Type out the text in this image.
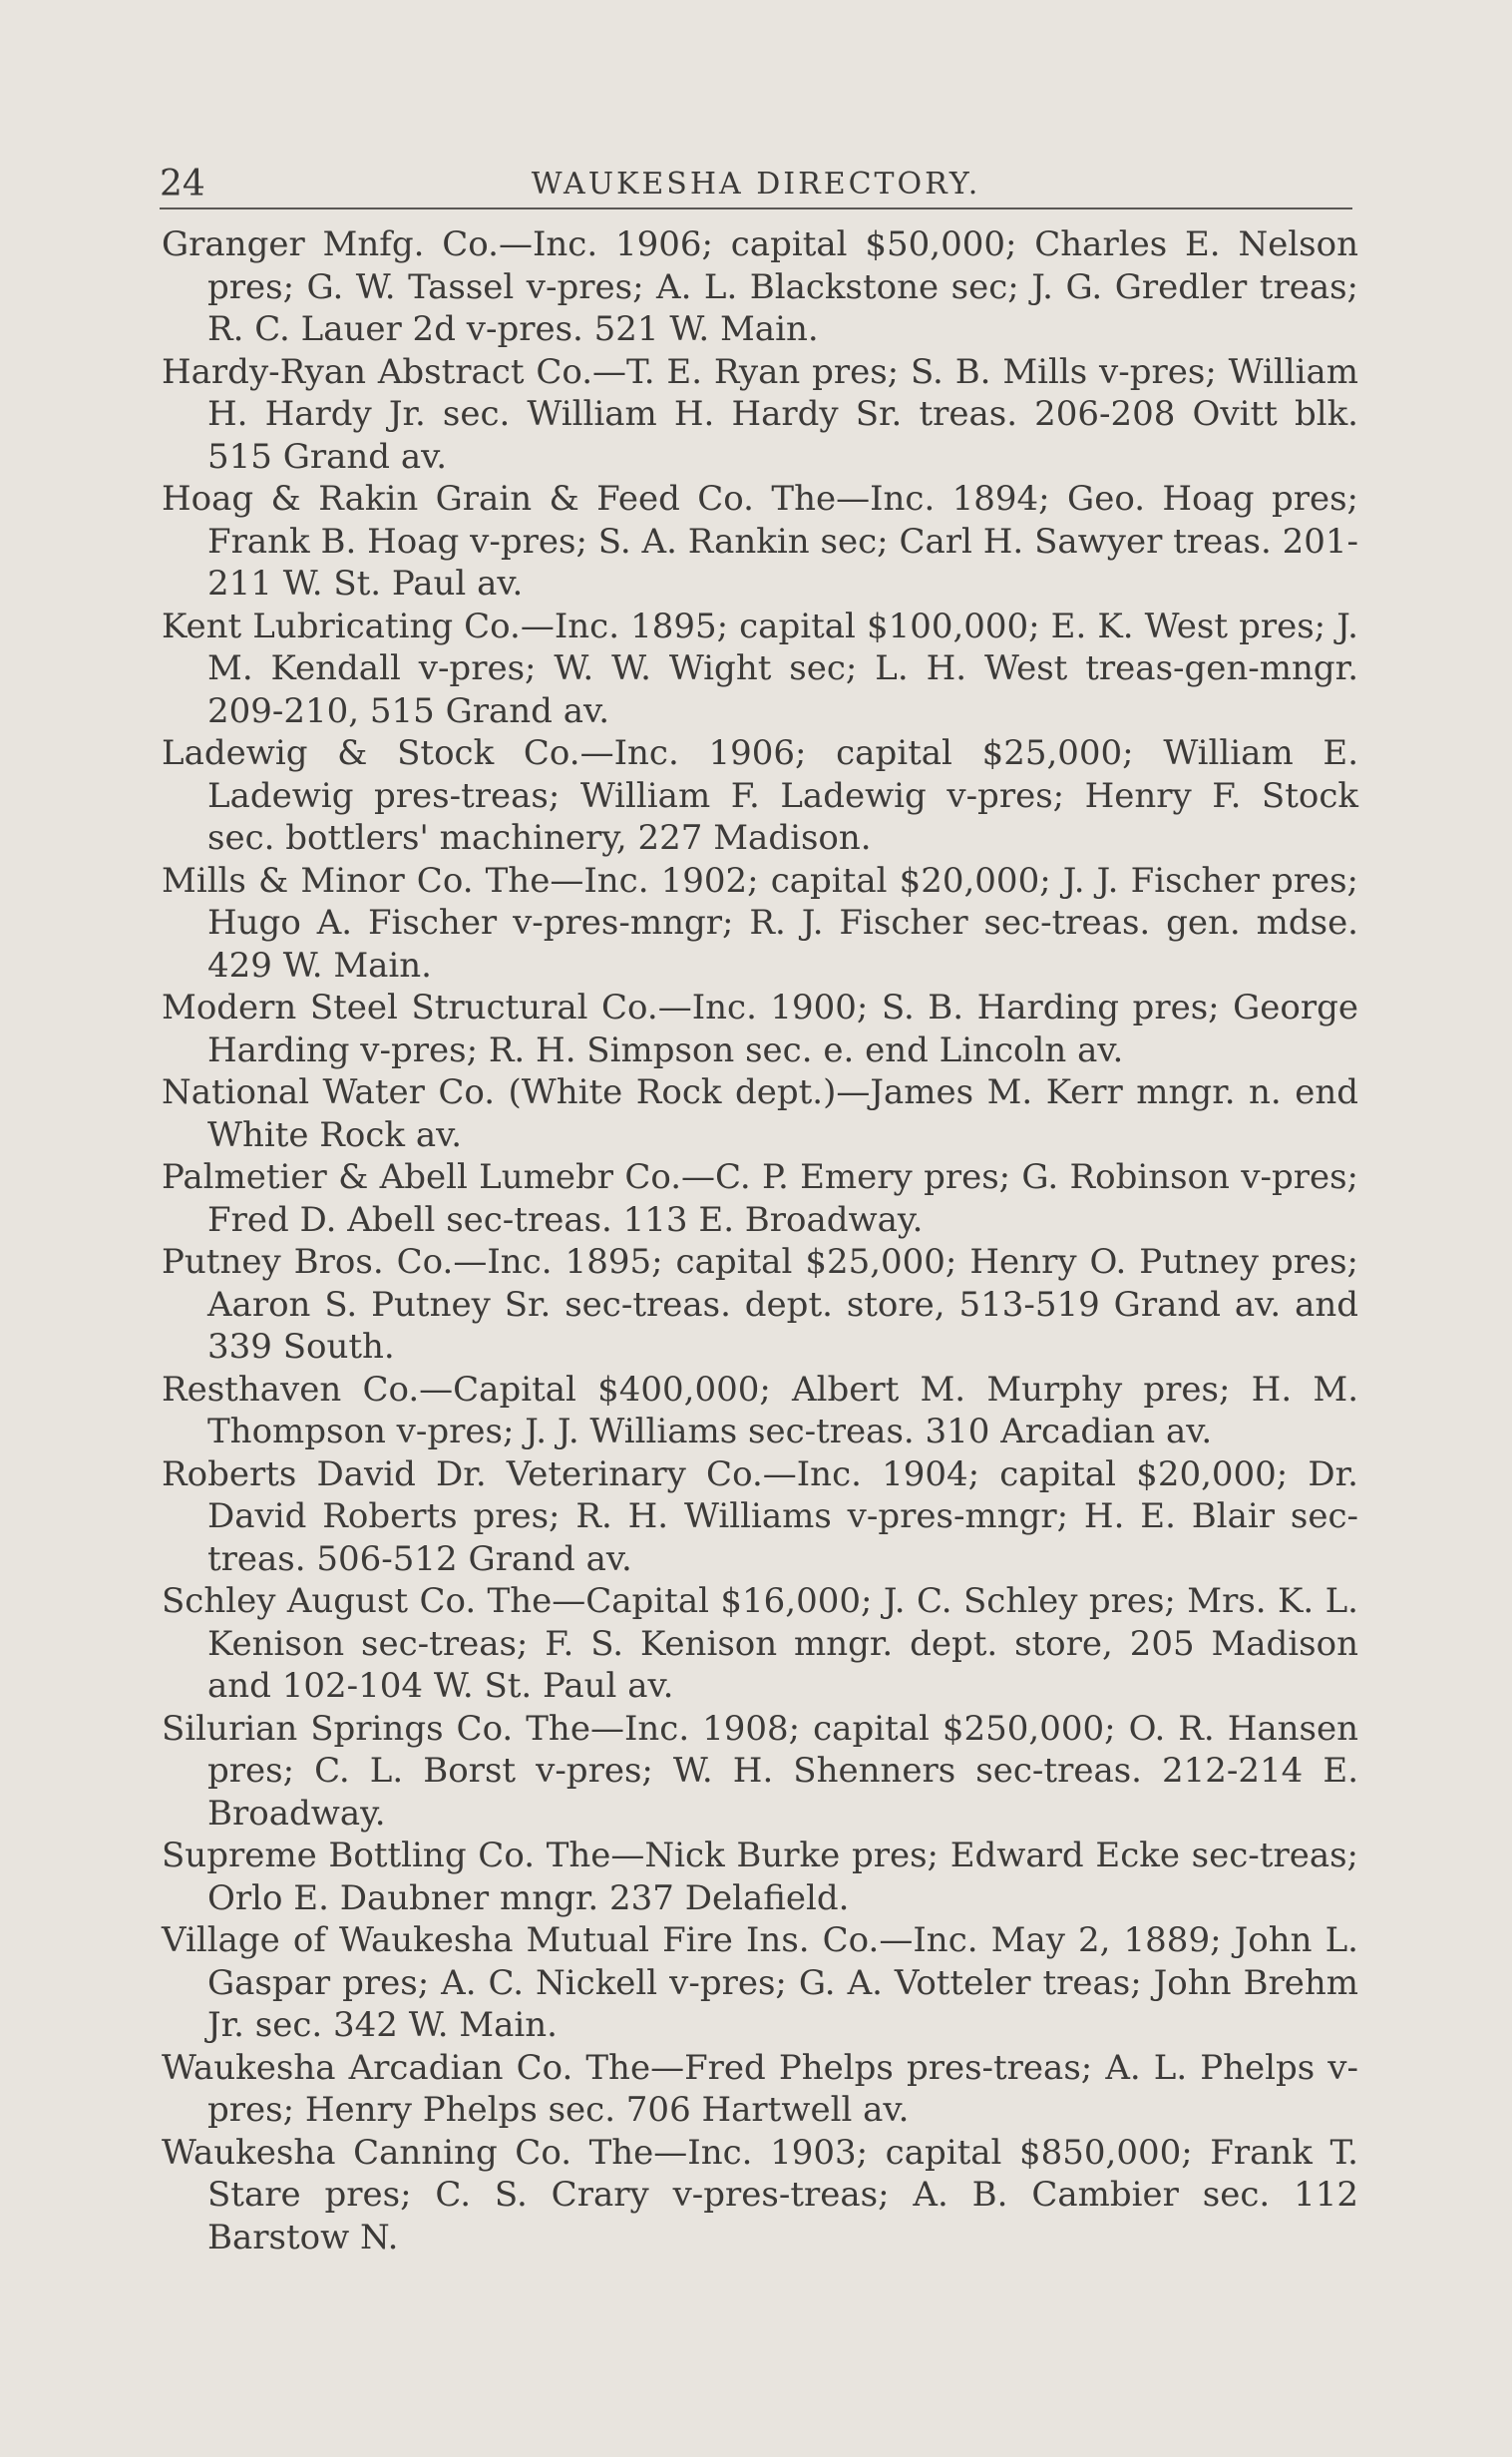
24	WAUKESHA DIRECTORY.

Granger Mnfg. Co.—Inc. 1906; capital $50,000; Charles E. Nelson pres; G. W. Tassel v-pres; A. L. Blackstone sec; J. G. Gredler treas; R. C. Lauer 2d v-pres. 521 W. Main.

Hardy-Ryan Abstract Co.—T. E. Ryan pres; S. B. Mills v-pres; William H. Hardy Jr. sec. William H. Hardy Sr. treas. 206-208 Ovitt blk. 515 Grand av.

Hoag & Rakin Grain & Feed Co. The—Inc. 1894; Geo. Hoag pres; Frank B. Hoag v-pres; S. A. Rankin sec; Carl H. Sawyer treas. 201-211 W. St. Paul av.

Kent Lubricating Co.—Inc. 1895; capital $100,000; E. K. West pres; J. M. Kendall v-pres; W. W. Wight sec; L. H. West treas-gen-mngr. 209-210, 515 Grand av.

Ladewig & Stock Co.—Inc. 1906; capital $25,000; William E. Ladewig pres-treas; William F. Ladewig v-pres; Henry F. Stock sec. bottlers' machinery, 227 Madison.

Mills & Minor Co. The—Inc. 1902; capital $20,000; J. J. Fischer pres; Hugo A. Fischer v-pres-mngr; R. J. Fischer sec-treas. gen. mdse. 429 W. Main.

Modern Steel Structural Co.—Inc. 1900; S. B. Harding pres; George Harding v-pres; R. H. Simpson sec. e. end Lincoln av.

National Water Co. (White Rock dept.)—James M. Kerr mngr. n. end White Rock av.

Palmetier & Abell Lumebr Co.—C. P. Emery pres; G. Robinson v-pres; Fred D. Abell sec-treas. 113 E. Broadway.

Putney Bros. Co.—Inc. 1895; capital $25,000; Henry O. Putney pres; Aaron S. Putney Sr. sec-treas. dept. store, 513-519 Grand av. and 339 South.

Resthaven Co.—Capital $400,000; Albert M. Murphy pres; H. M. Thompson v-pres; J. J. Williams sec-treas. 310 Arcadian av.

Roberts David Dr. Veterinary Co.—Inc. 1904; capital $20,000; Dr. David Roberts pres; R. H. Williams v-pres-mngr; H. E. Blair sec-treas. 506-512 Grand av.

Schley August Co. The—Capital $16,000; J. C. Schley pres; Mrs. K. L. Kenison sec-treas; F. S. Kenison mngr. dept. store, 205 Madison and 102-104 W. St. Paul av.

Silurian Springs Co. The—Inc. 1908; capital $250,000; O. R. Hansen pres; C. L. Borst v-pres; W. H. Shenners sec-treas. 212-214 E. Broadway.

Supreme Bottling Co. The—Nick Burke pres; Edward Ecke sec-treas; Orlo E. Daubner mngr. 237 Delafield.

Village of Waukesha Mutual Fire Ins. Co.—Inc. May 2, 1889; John L. Gaspar pres; A. C. Nickell v-pres; G. A. Votteler treas; John Brehm Jr. sec. 342 W. Main.

Waukesha Arcadian Co. The—Fred Phelps pres-treas; A. L. Phelps v-pres; Henry Phelps sec. 706 Hartwell av.

Waukesha Canning Co. The—Inc. 1903; capital $850,000; Frank T. Stare pres; C. S. Crary v-pres-treas; A. B. Cambier sec. 112 Barstow N.
